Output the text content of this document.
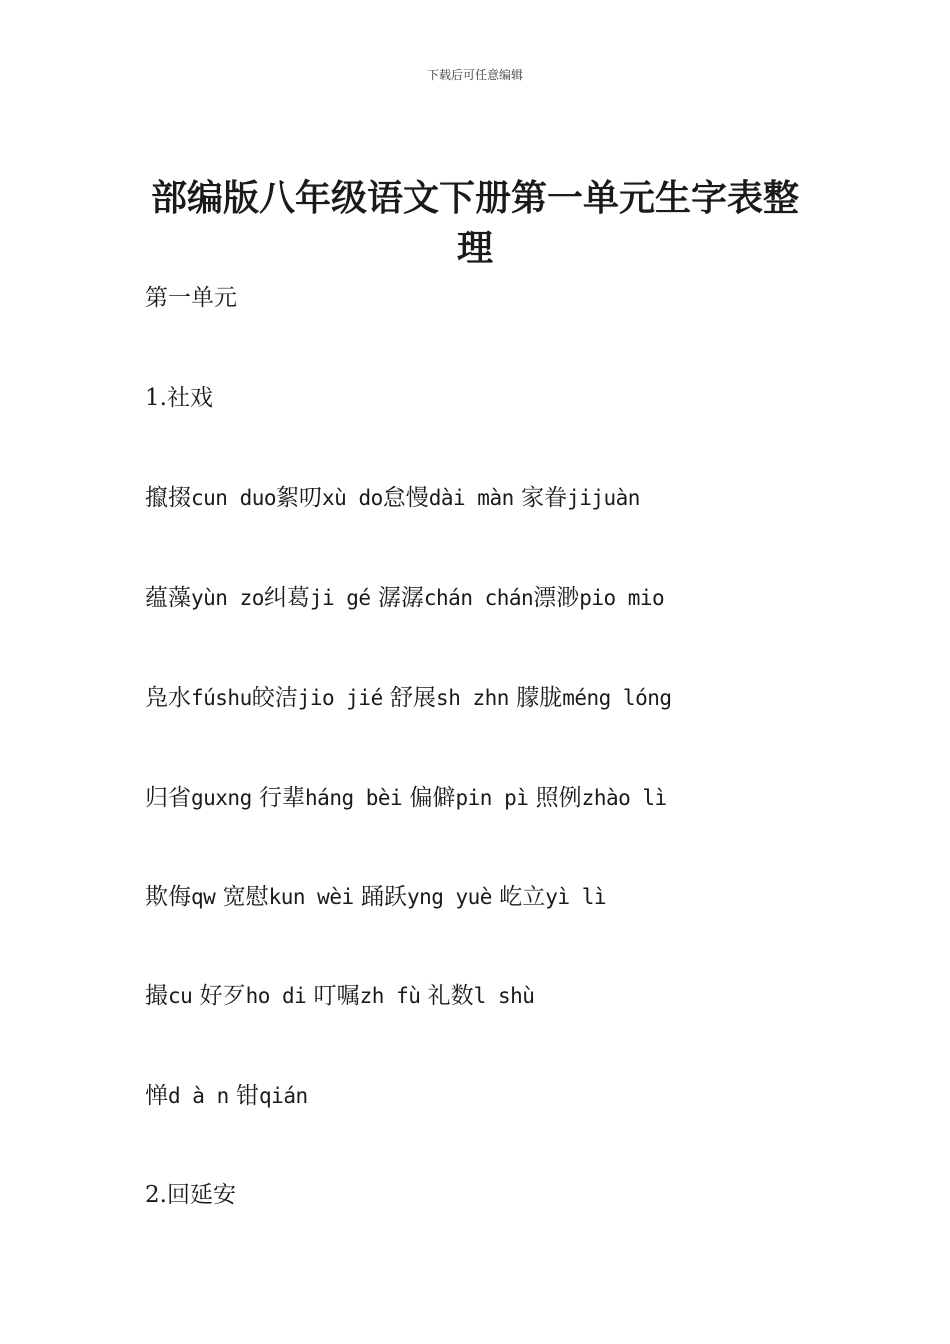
下载后可任意编辑
部编版八年级语文下册第一单元生字表整理
第一单元
1.社戏
攛掇cun duo絮叨xù do怠慢dài màn 家眷jijuàn
蕴藻yùn zo纠葛ji gé 潺潺chán chán漂渺pio mio
凫水fúshu皎洁jio jié 舒展sh zhn 朦胧méng lóng
归省guxng 行辈háng bèi 偏僻pin pì 照例zhào lì
欺侮qw 宽慰kun wèi 踊跃yng yuè 屹立yì lì
撮cu 好歹ho di 叮嘱zh fù 礼数l shù
惮d à n 钳qián
2.回延安
